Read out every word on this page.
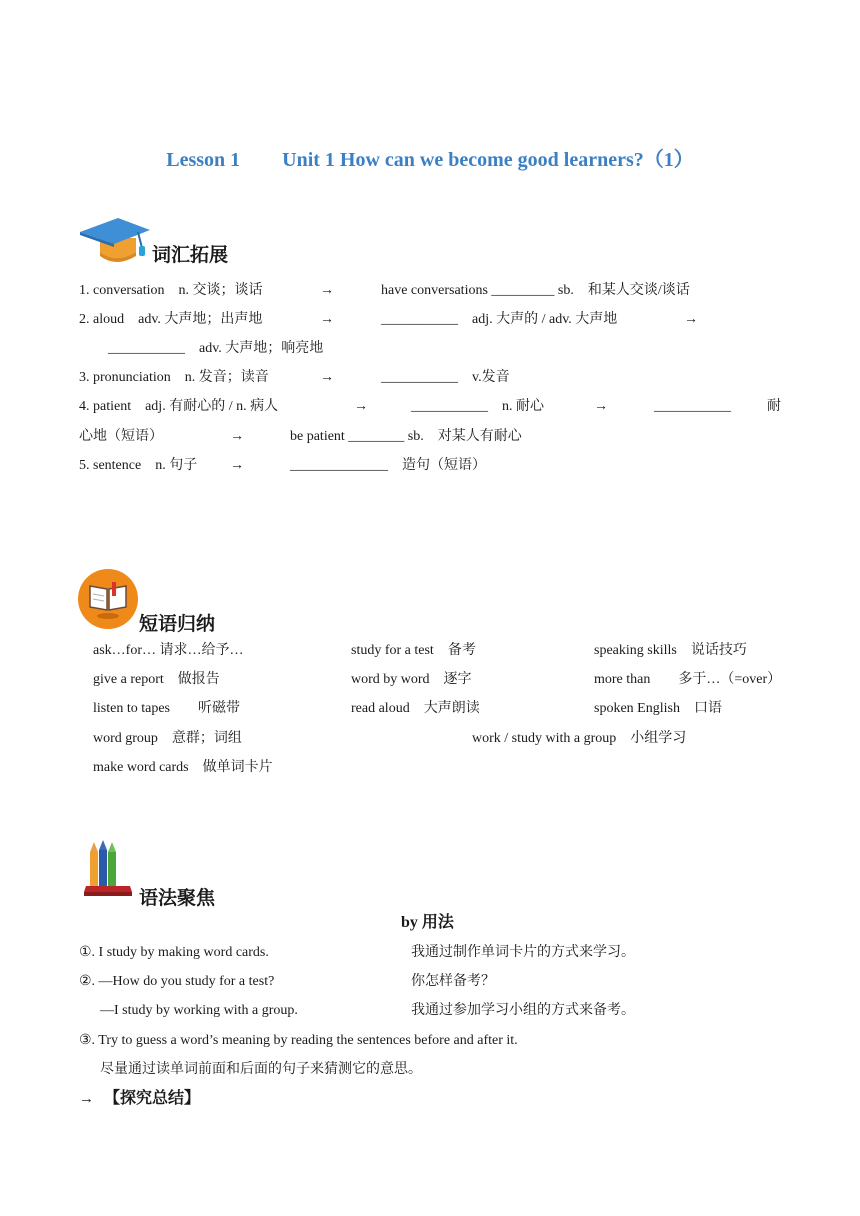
Lesson 1 Unit 1 How can we become good learners?（1）
词汇拓展
1. conversation　n. 交谈；谈话	→	have conversations _________ sb.　和某人交谈/谈话
2. aloud　adv. 大声地；出声地	→	___________　adj. 大声的 / adv. 大声地	→
___________　adv. 大声地；响亮地
3. pronunciation　n. 发音；读音	→	___________　v.发音
4. patient　adj. 有耐心的 / n. 病人	→	___________　n. 耐心	→	___________	耐
心地（短语）	→	be patient ________ sb.　对某人有耐心
5. sentence　n. 句子 →	______________　造句（短语）
短语归纳
ask…for… 请求…给予…	study for a test　备考	speaking skills　说话技巧
give a report　做报告	word by word　逐字	more than　　多于…（=over）
listen to tapes　　听磁带	read aloud　大声朗读	spoken English　口语
word group　意群；词组	work / study with a group　小组学习
make word cards　做单词卡片
语法聚焦
by 用法
①. I study by making word cards.	我通过制作单词卡片的方式来学习。
②. —How do you study for a test?	你怎样备考？
—I study by working with a group.	我通过参加学习小组的方式来备考。
③. Try to guess a word’s meaning by reading the sentences before and after it.
尽量通过读单词前面和后面的句子来猜测它的意思。
→ 【探究总结】
